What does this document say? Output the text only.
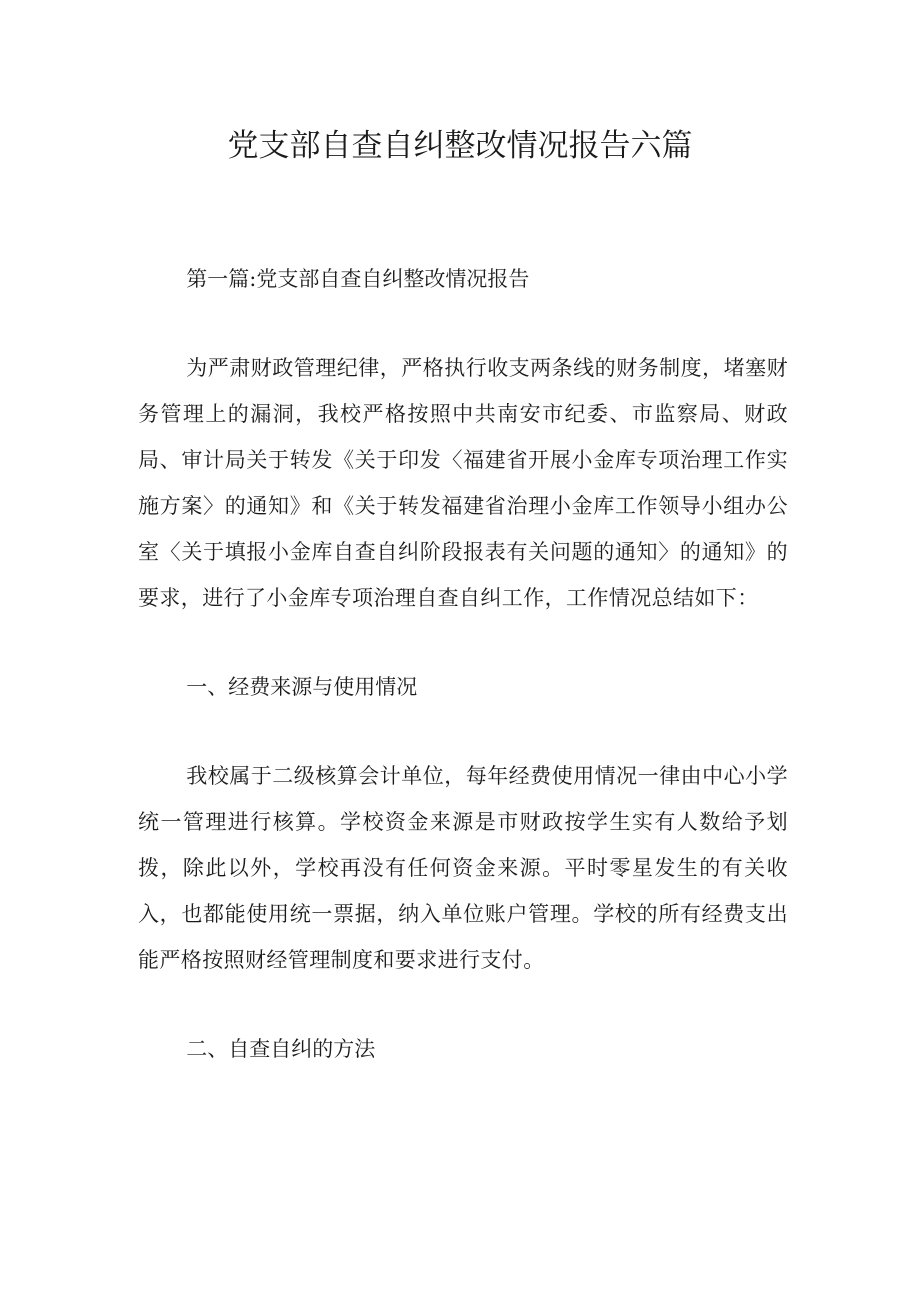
党支部自查自纠整改情况报告六篇

第一篇:党支部自查自纠整改情况报告

为严肃财政管理纪律，严格执行收支两条线的财务制度，堵塞财务管理上的漏洞，我校严格按照中共南安市纪委、市监察局、财政局、审计局关于转发《关于印发〈福建省开展小金库专项治理工作实施方案〉的通知》和《关于转发福建省治理小金库工作领导小组办公室〈关于填报小金库自查自纠阶段报表有关问题的通知〉的通知》的要求，进行了小金库专项治理自查自纠工作，工作情况总结如下：

一、经费来源与使用情况

我校属于二级核算会计单位，每年经费使用情况一律由中心小学统一管理进行核算。学校资金来源是市财政按学生实有人数给予划拨，除此以外，学校再没有任何资金来源。平时零星发生的有关收入，也都能使用统一票据，纳入单位账户管理。学校的所有经费支出能严格按照财经管理制度和要求进行支付。

二、自查自纠的方法
